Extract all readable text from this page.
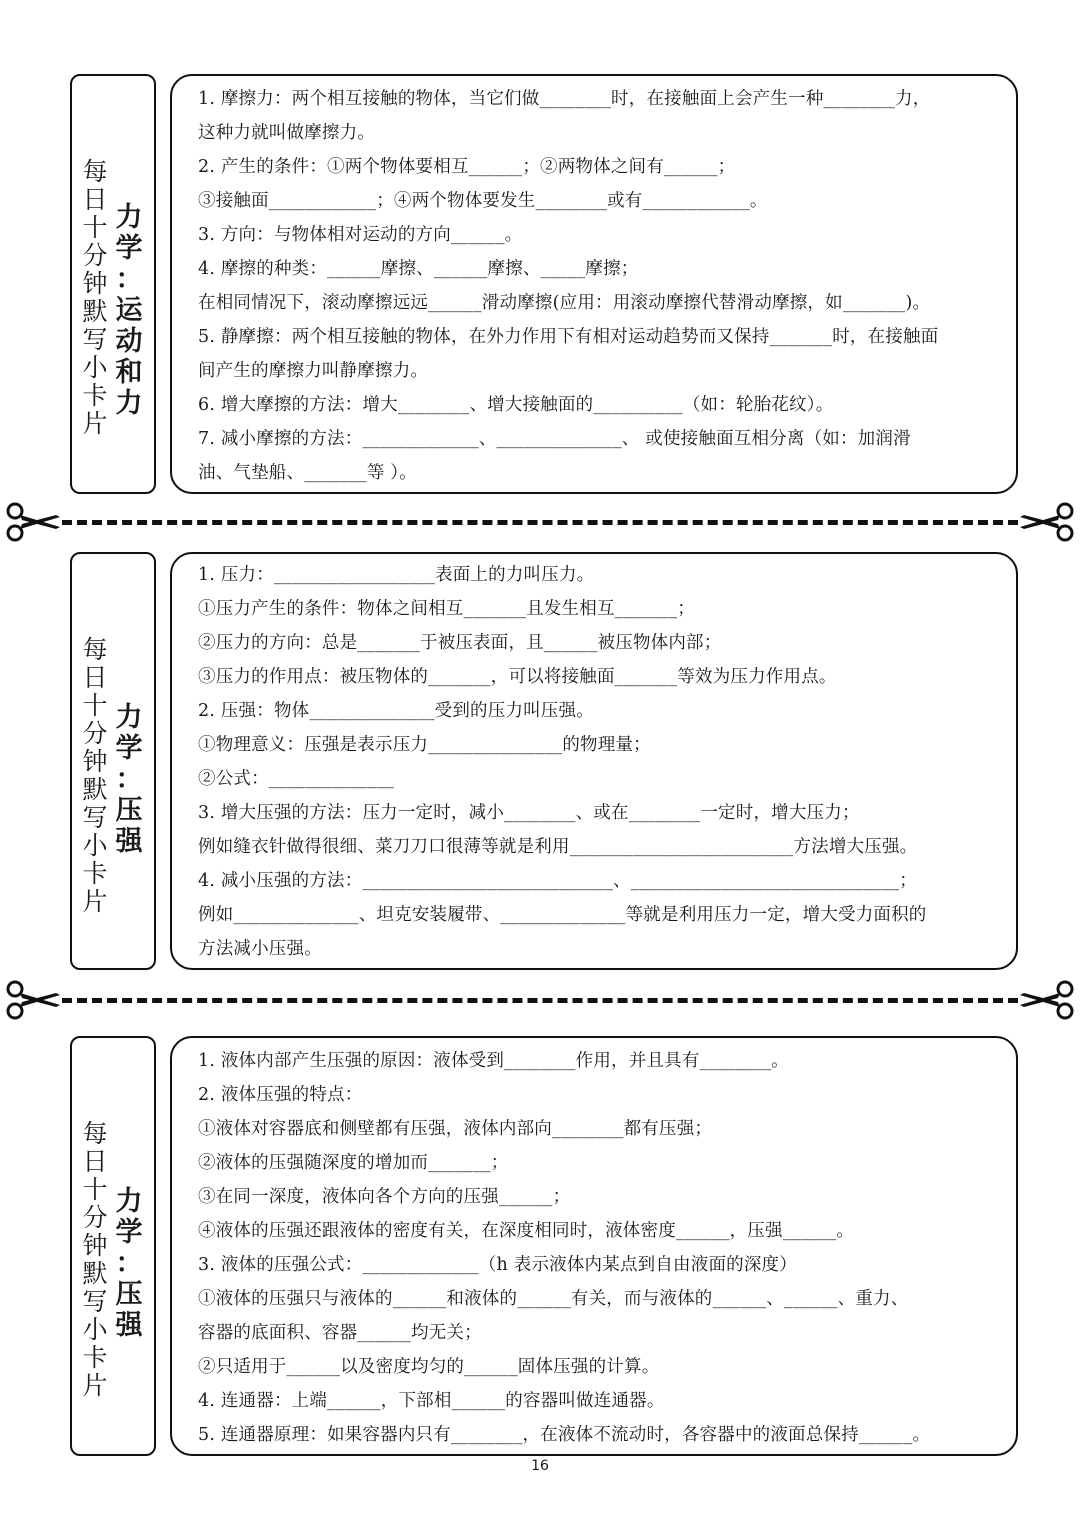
每
日
十
分
钟
默
写
小
卡
片
力
学
：
运
动
和
力
1. 摩擦力：两个相互接触的物体，当它们做________时，在接触面上会产生一种________力，
这种力就叫做摩擦力。
2. 产生的条件：①两个物体要相互______；②两物体之间有______；
③接触面____________；④两个物体要发生________或有____________。
3. 方向：与物体相对运动的方向______。
4. 摩擦的种类：______摩擦、______摩擦、_____摩擦；
在相同情况下，滚动摩擦远远______滑动摩擦(应用：用滚动摩擦代替滑动摩擦，如_______)。
5. 静摩擦：两个相互接触的物体，在外力作用下有相对运动趋势而又保持_______时，在接触面
间产生的摩擦力叫静摩擦力。
6. 增大摩擦的方法：增大________、增大接触面的__________（如：轮胎花纹）。
7. 减小摩擦的方法：_____________、______________、 或使接触面互相分离（如：加润滑
油、气垫船、_______等 ）。
每
日
十
分
钟
默
写
小
卡
片
力
学
：
压
强
1. 压力：__________________表面上的力叫压力。
①压力产生的条件：物体之间相互_______且发生相互_______；
②压力的方向：总是_______于被压表面，且______被压物体内部；
③压力的作用点：被压物体的_______，可以将接触面_______等效为压力作用点。
2. 压强：物体______________受到的压力叫压强。
①物理意义：压强是表示压力_______________的物理量；
②公式：______________
3. 增大压强的方法：压力一定时，减小________、或在________一定时，增大压力；
例如缝衣针做得很细、菜刀刀口很薄等就是利用_________________________方法增大压强。
4. 减小压强的方法：____________________________、______________________________；
例如______________、坦克安装履带、______________等就是利用压力一定，增大受力面积的
方法减小压强。
每
日
十
分
钟
默
写
小
卡
片
力
学
：
压
强
1. 液体内部产生压强的原因：液体受到________作用，并且具有________。
2. 液体压强的特点：
①液体对容器底和侧壁都有压强，液体内部向________都有压强；
②液体的压强随深度的增加而_______；
③在同一深度，液体向各个方向的压强______；
④液体的压强还跟液体的密度有关，在深度相同时，液体密度______，压强______。
3. 液体的压强公式：_____________（h 表示液体内某点到自由液面的深度）
①液体的压强只与液体的______和液体的______有关，而与液体的______、______、重力、
容器的底面积、容器______均无关；
②只适用于______以及密度均匀的______固体压强的计算。
4. 连通器：上端______，下部相______的容器叫做连通器。
5. 连通器原理：如果容器内只有________，在液体不流动时，各容器中的液面总保持______。
16
